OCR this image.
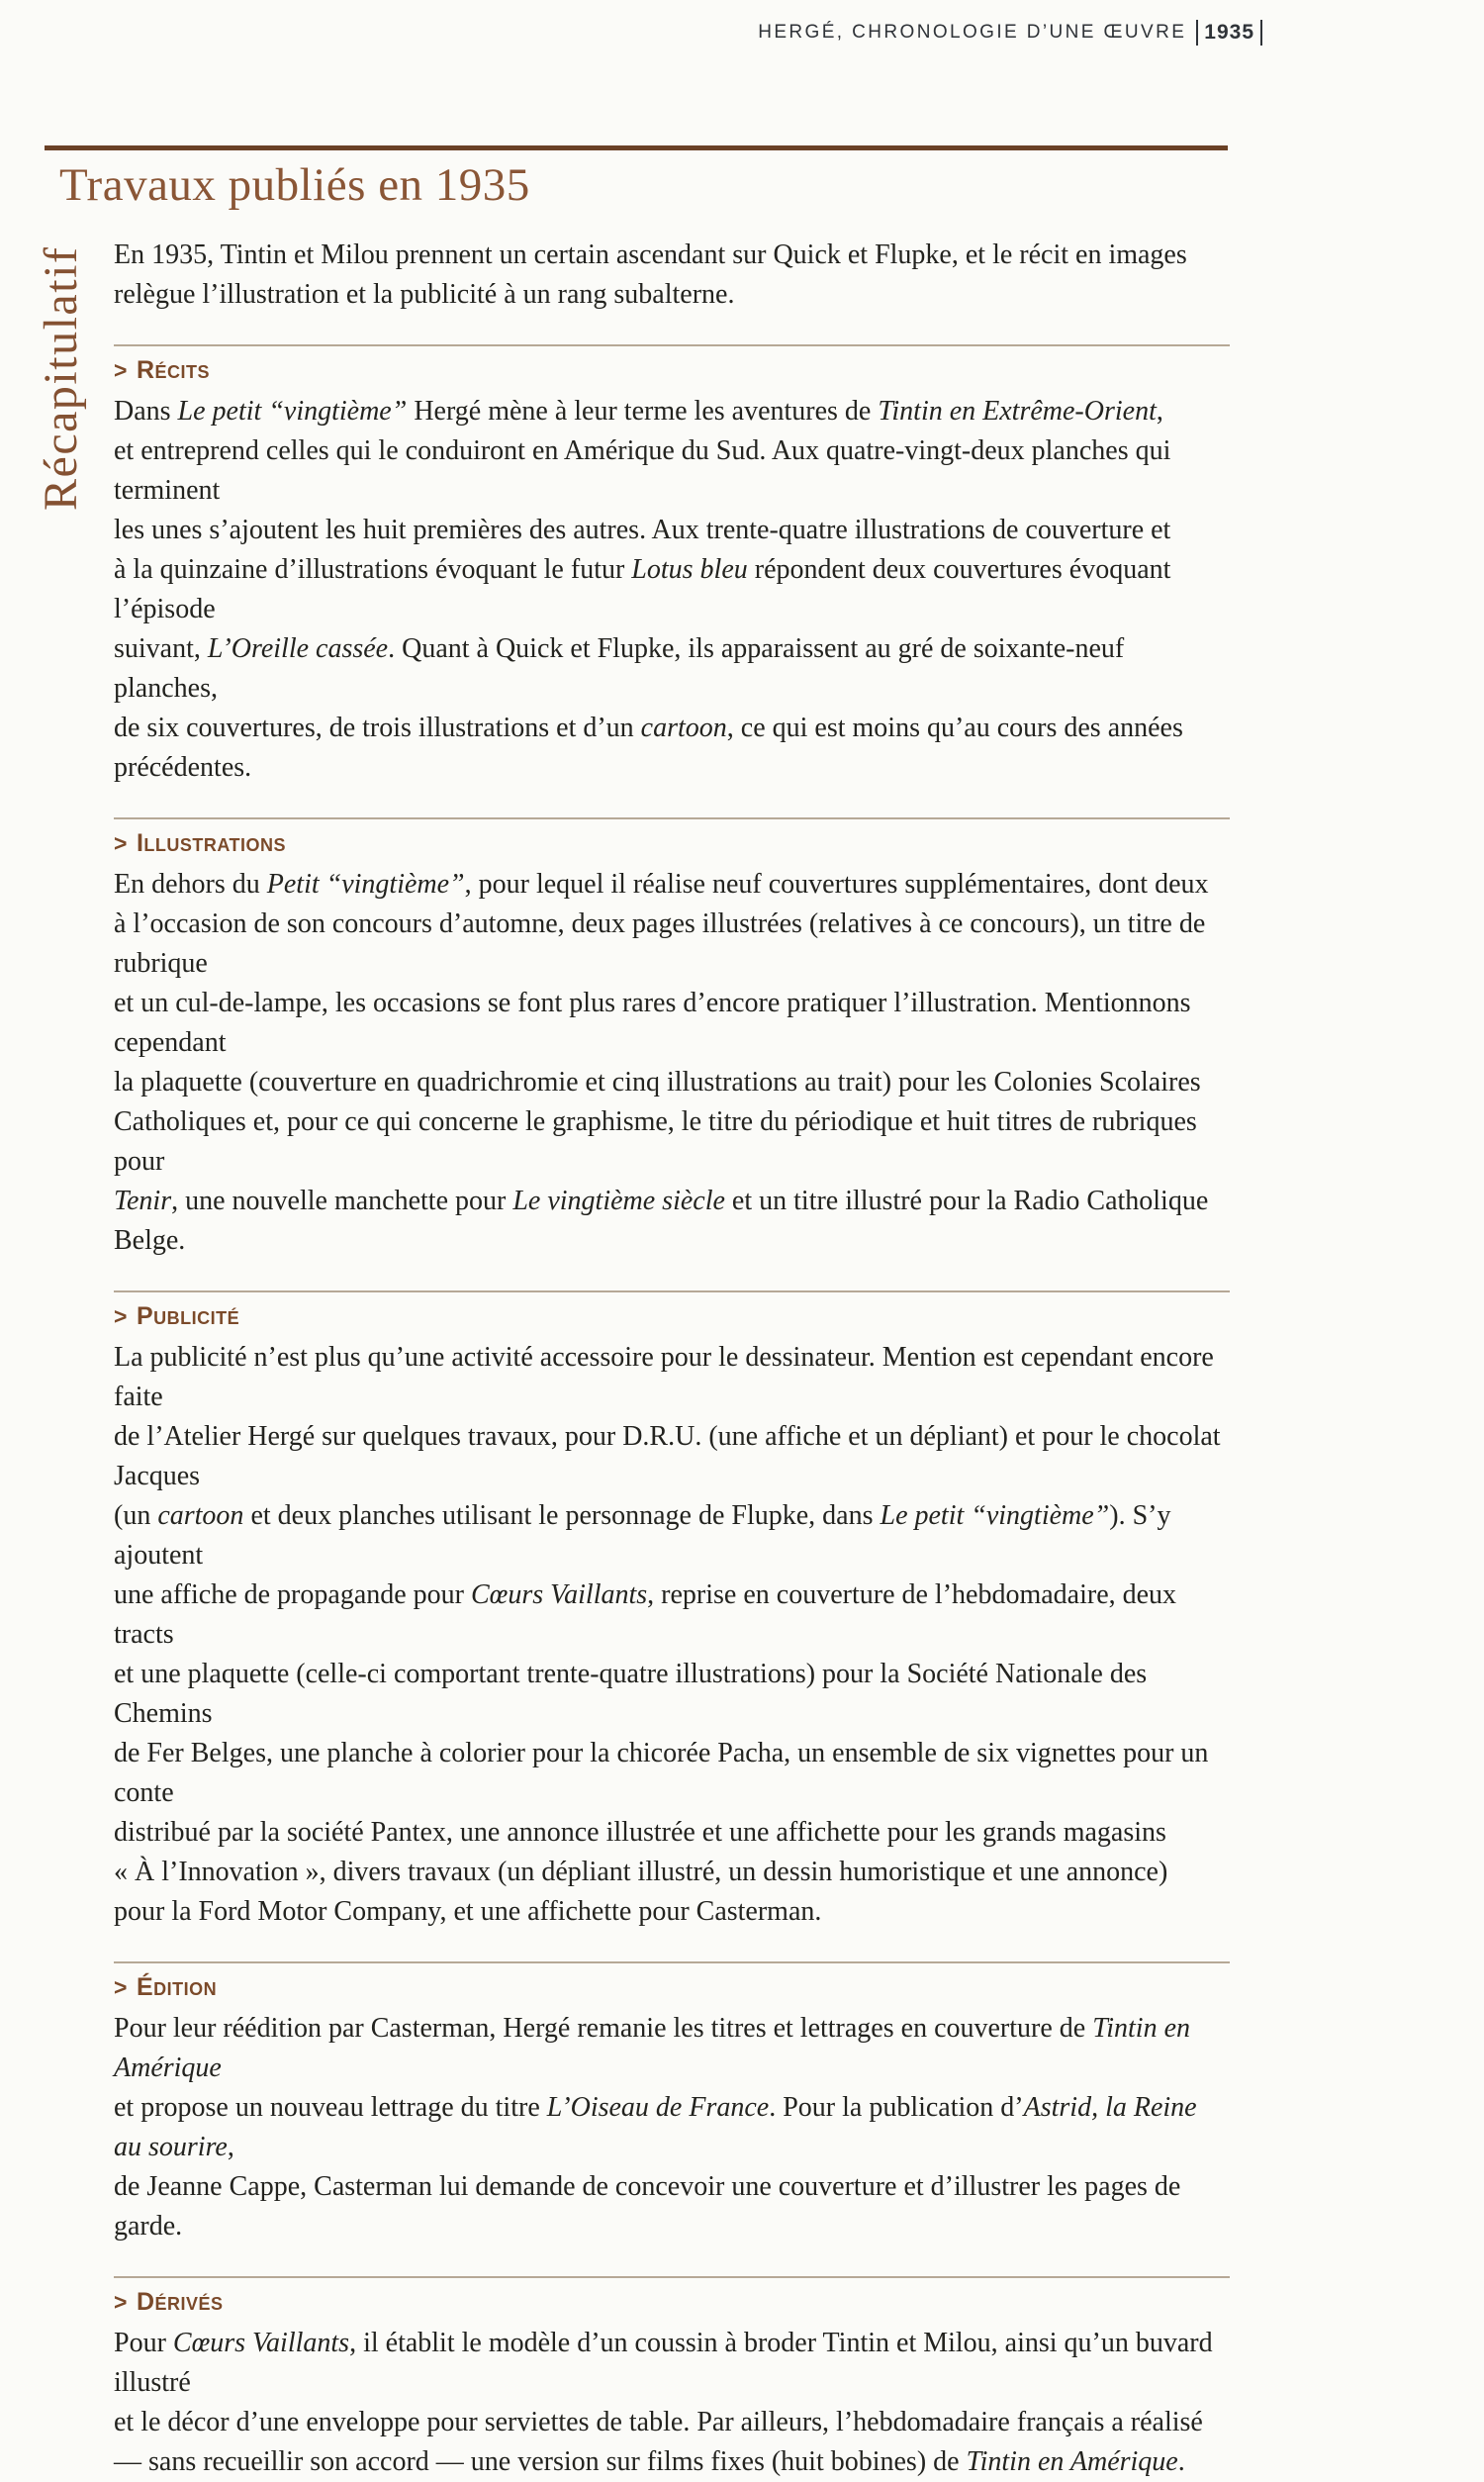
HERGÉ, CHRONOLOGIE D’UNE ŒUVRE 1935
Travaux publiés en 1935
Récapitulatif En 1935, Tintin et Milou prennent un certain ascendant sur Quick et Flupke, et le récit en images
relègue l’illustration et la publicité à un rang subalterne.

> Récits

Dans Le petit “vingtième” Hergé mène à leur terme les aventures de Tintin en Extrême-Orient,
et entreprend celles qui le conduiront en Amérique du Sud. Aux quatre-vingt-deux planches qui terminent
les unes s’ajoutent les huit premières des autres. Aux trente-quatre illustrations de couverture et
à la quinzaine d’illustrations évoquant le futur Lotus bleu répondent deux couvertures évoquant l’épisode
suivant, L’Oreille cassée. Quant à Quick et Flupke, ils apparaissent au gré de soixante-neuf planches,
de six couvertures, de trois illustrations et d’un cartoon, ce qui est moins qu’au cours des années précédentes.

> Illustrations

En dehors du Petit “vingtième”, pour lequel il réalise neuf couvertures supplémentaires, dont deux
à l’occasion de son concours d’automne, deux pages illustrées (relatives à ce concours), un titre de rubrique
et un cul-de-lampe, les occasions se font plus rares d’encore pratiquer l’illustration. Mentionnons cependant
la plaquette (couverture en quadrichromie et cinq illustrations au trait) pour les Colonies Scolaires
Catholiques et, pour ce qui concerne le graphisme, le titre du périodique et huit titres de rubriques pour
Tenir, une nouvelle manchette pour Le vingtième siècle et un titre illustré pour la Radio Catholique Belge.

> Publicité

La publicité n’est plus qu’une activité accessoire pour le dessinateur. Mention est cependant encore faite
de l’Atelier Hergé sur quelques travaux, pour D.R.U. (une affiche et un dépliant) et pour le chocolat Jacques
(un cartoon et deux planches utilisant le personnage de Flupke, dans Le petit “vingtième”). S’y ajoutent
une affiche de propagande pour Cœurs Vaillants, reprise en couverture de l’hebdomadaire, deux tracts
et une plaquette (celle-ci comportant trente-quatre illustrations) pour la Société Nationale des Chemins
de Fer Belges, une planche à colorier pour la chicorée Pacha, un ensemble de six vignettes pour un conte
distribué par la société Pantex, une annonce illustrée et une affichette pour les grands magasins
« À l’Innovation », divers travaux (un dépliant illustré, un dessin humoristique et une annonce)
pour la Ford Motor Company, et une affichette pour Casterman.

> Édition

Pour leur réédition par Casterman, Hergé remanie les titres et lettrages en couverture de Tintin en Amérique
et propose un nouveau lettrage du titre L’Oiseau de France. Pour la publication d’Astrid, la Reine au sourire,
de Jeanne Cappe, Casterman lui demande de concevoir une couverture et d’illustrer les pages de garde.

> Dérivés

Pour Cœurs Vaillants, il établit le modèle d’un coussin à broder Tintin et Milou, ainsi qu’un buvard illustré
et le décor d’une enveloppe pour serviettes de table. Par ailleurs, l’hebdomadaire français a réalisé
— sans recueillir son accord — une version sur films fixes (huit bobines) de Tintin en Amérique.
